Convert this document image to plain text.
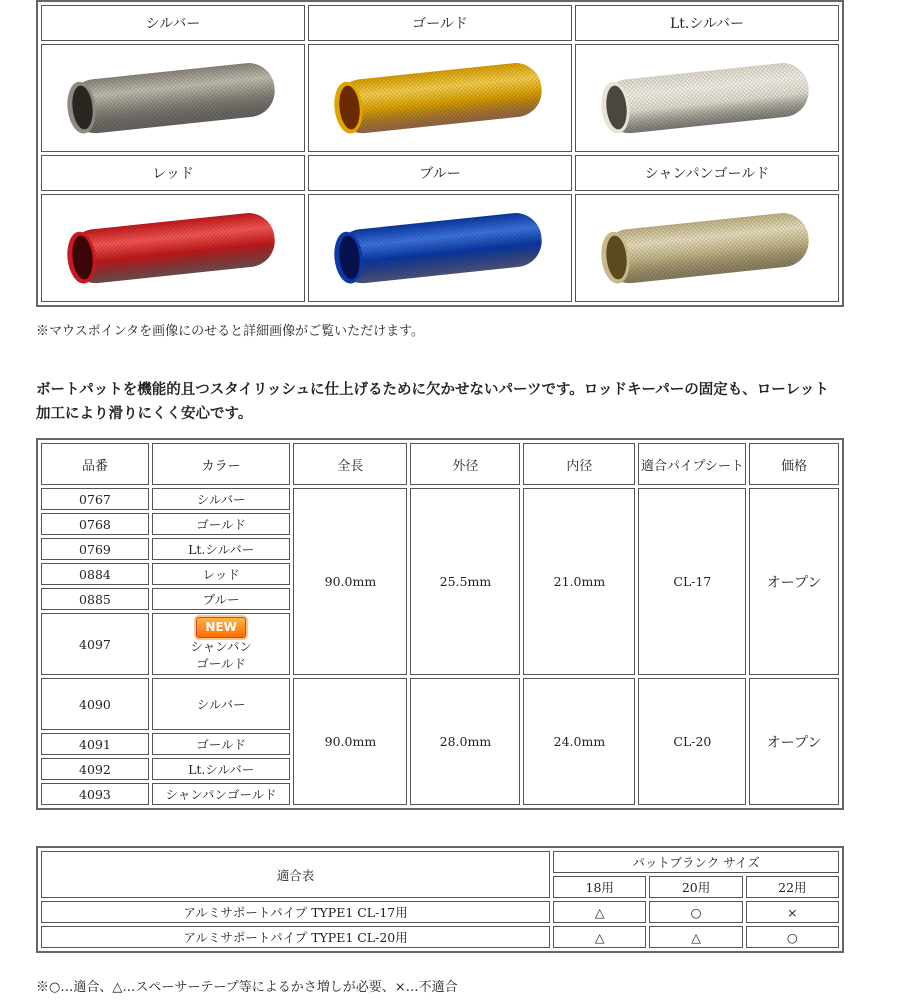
シルバー	ゴールド	Lt.シルバー

レッド	ブルー	シャンパンゴールド

※マウスポインタを画像にのせると詳細画像がご覧いただけます。
ボートパットを機能的且つスタイリッシュに仕上げるために欠かせないパーツです。ロッドキーパーの固定も、ローレット加工により滑りにくく安心です。
品番	カラー	全長	外径	内径	適合パイプシート	価格
0767	シルバー	90.0mm	25.5mm	21.0mm	CL-17	オープン
0768	ゴールド					
0769	Lt.シルバー					
0884	レッド					
0885	ブルー					
4097	NEW
シャンパン
ゴールド					
4090	シルバー	90.0mm	28.0mm	24.0mm	CL-20	オープン
4091	ゴールド					
4092	Lt.シルバー					
4093	シャンパンゴールド					
適合表	パットブランク サイズ		
	18用	20用	22用
アルミサポートパイプ TYPE1 CL-17用	△	○	×
アルミサポートパイプ TYPE1 CL-20用	△	△	○
※○…適合、△…スペーサーテープ等によるかさ増しが必要、×…不適合
